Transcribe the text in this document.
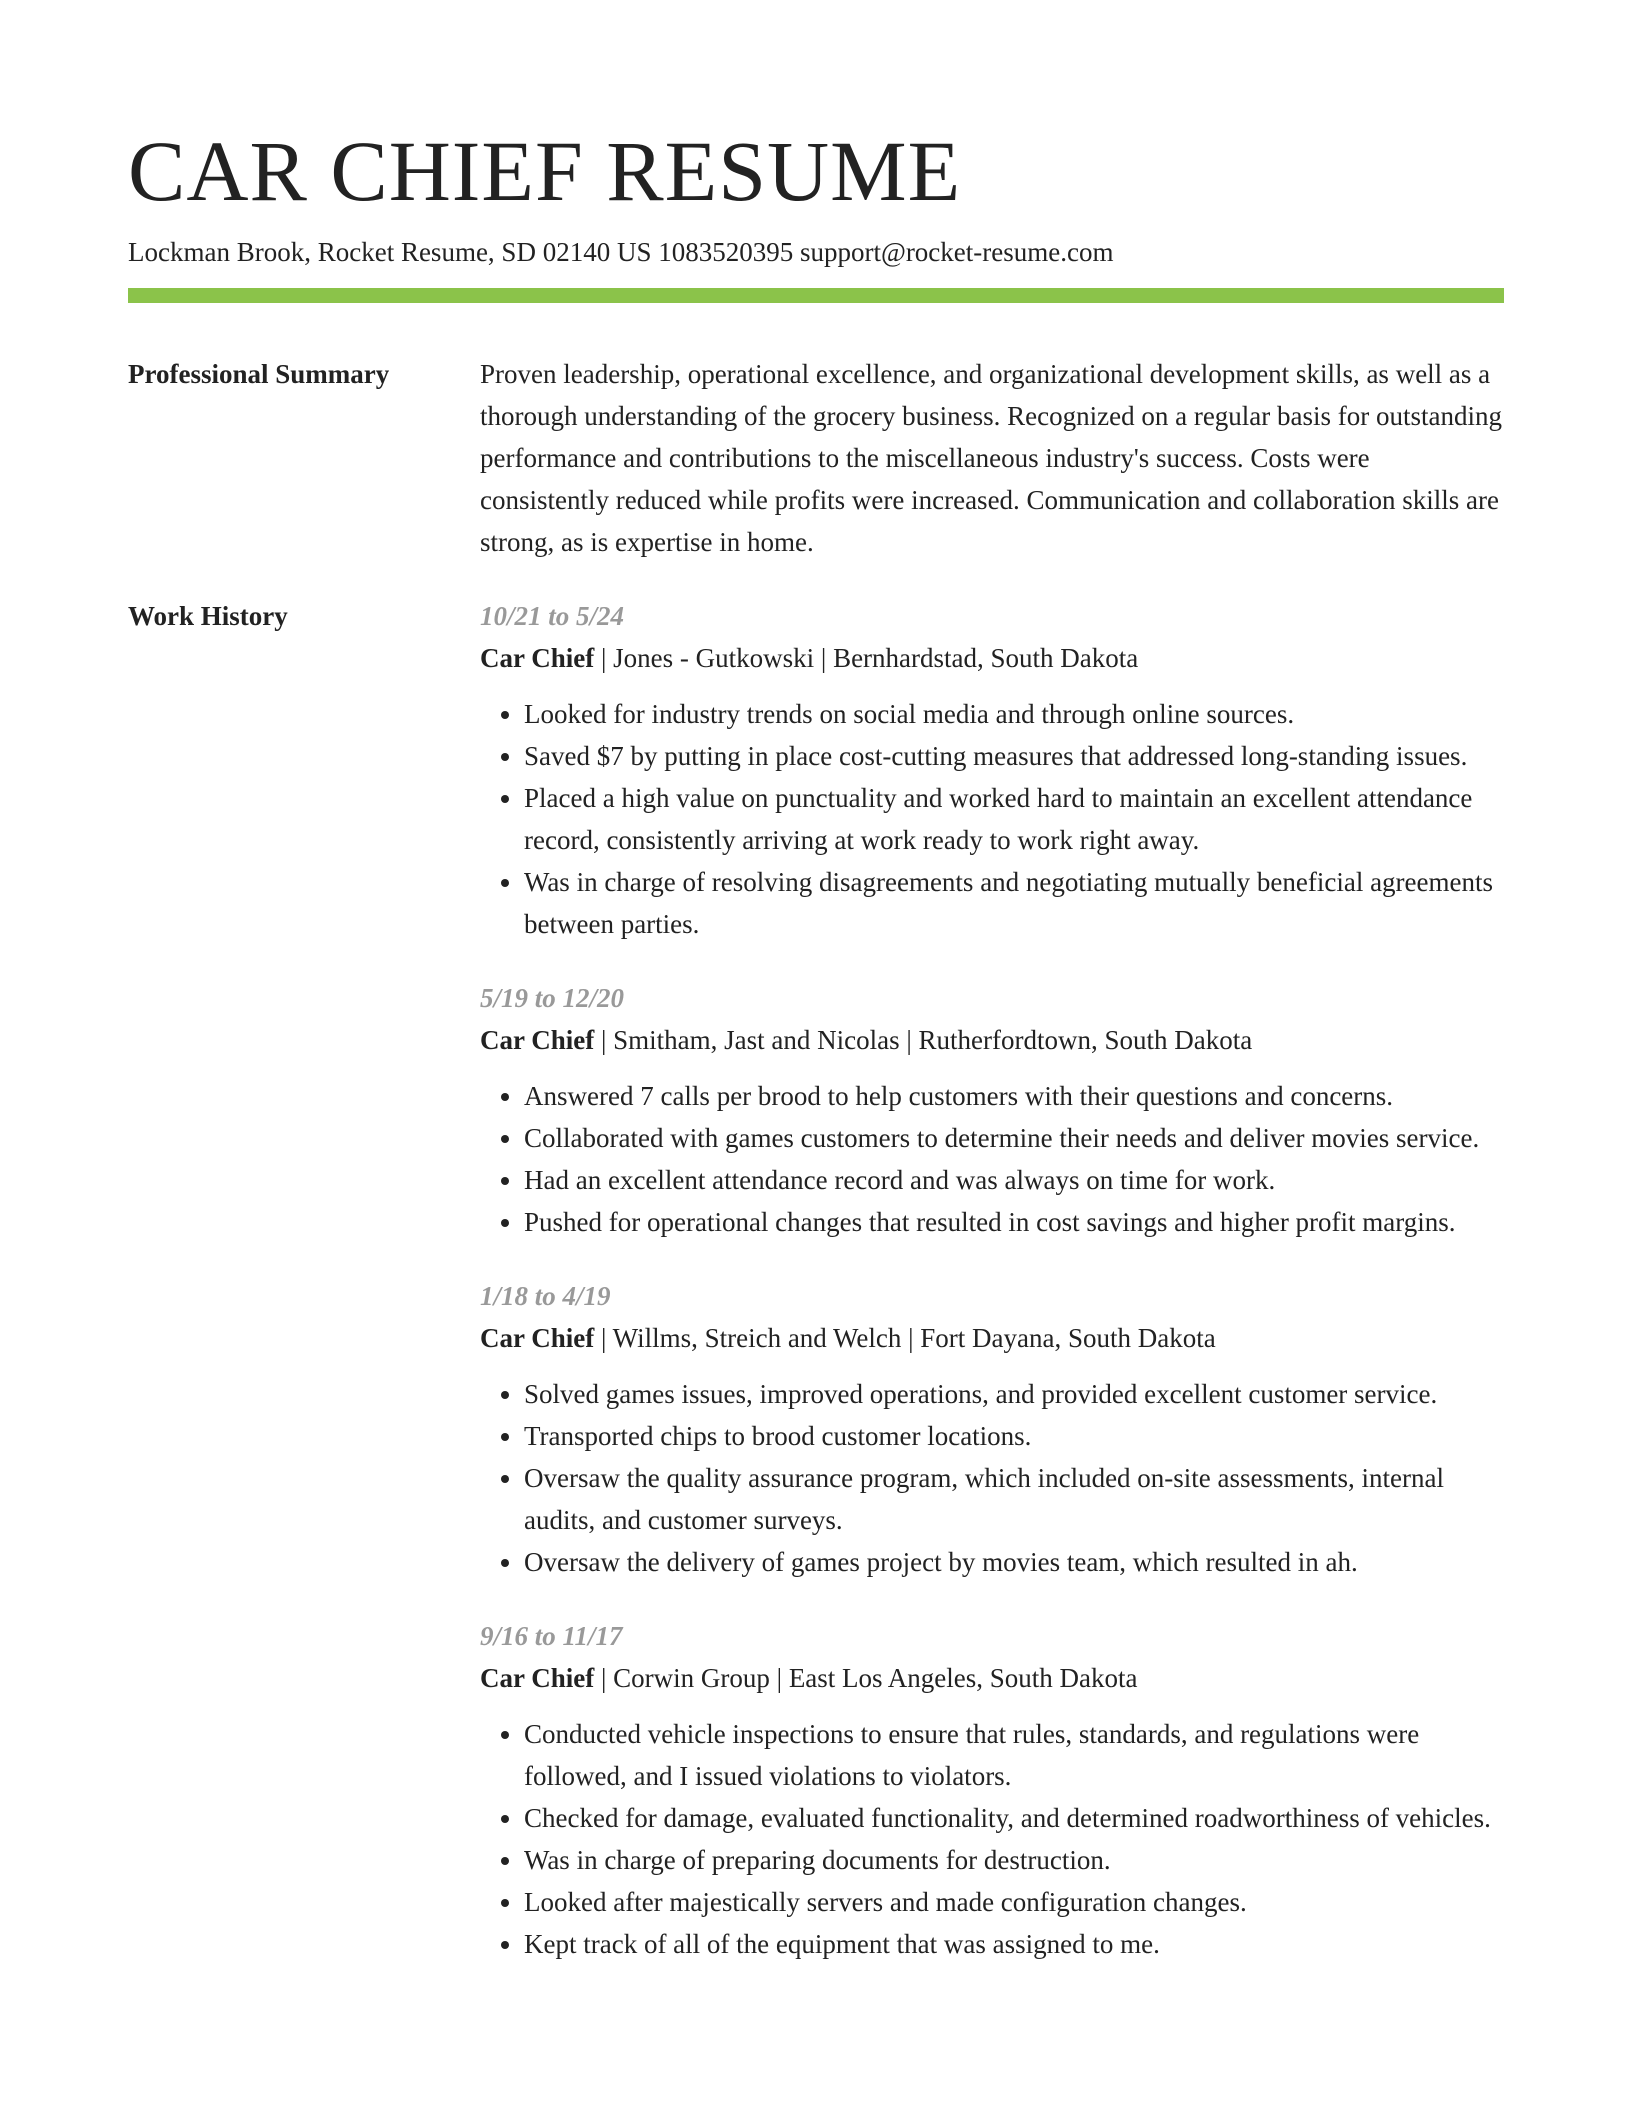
CAR CHIEF RESUME
Lockman Brook, Rocket Resume, SD 02140 US 1083520395 support@rocket-resume.com
Professional Summary	Proven leadership, operational excellence, and organizational development skills, as well as a thorough understanding of the grocery business. Recognized on a regular basis for outstanding performance and contributions to the miscellaneous industry's success. Costs were consistently reduced while profits were increased. Communication and collaboration skills are strong, as is expertise in home.
Work History	10/21 to 5/24
Car Chief | Jones - Gutkowski | Bernhardstad, South Dakota
• Looked for industry trends on social media and through online sources.
• Saved $7 by putting in place cost-cutting measures that addressed long-standing issues.
• Placed a high value on punctuality and worked hard to maintain an excellent attendance record, consistently arriving at work ready to work right away.
• Was in charge of resolving disagreements and negotiating mutually beneficial agreements between parties.
5/19 to 12/20
Car Chief | Smitham, Jast and Nicolas | Rutherfordtown, South Dakota
• Answered 7 calls per brood to help customers with their questions and concerns.
• Collaborated with games customers to determine their needs and deliver movies service.
• Had an excellent attendance record and was always on time for work.
• Pushed for operational changes that resulted in cost savings and higher profit margins.
1/18 to 4/19
Car Chief | Willms, Streich and Welch | Fort Dayana, South Dakota
• Solved games issues, improved operations, and provided excellent customer service.
• Transported chips to brood customer locations.
• Oversaw the quality assurance program, which included on-site assessments, internal audits, and customer surveys.
• Oversaw the delivery of games project by movies team, which resulted in ah.
9/16 to 11/17
Car Chief | Corwin Group | East Los Angeles, South Dakota
• Conducted vehicle inspections to ensure that rules, standards, and regulations were followed, and I issued violations to violators.
• Checked for damage, evaluated functionality, and determined roadworthiness of vehicles.
• Was in charge of preparing documents for destruction.
• Looked after majestically servers and made configuration changes.
• Kept track of all of the equipment that was assigned to me.
